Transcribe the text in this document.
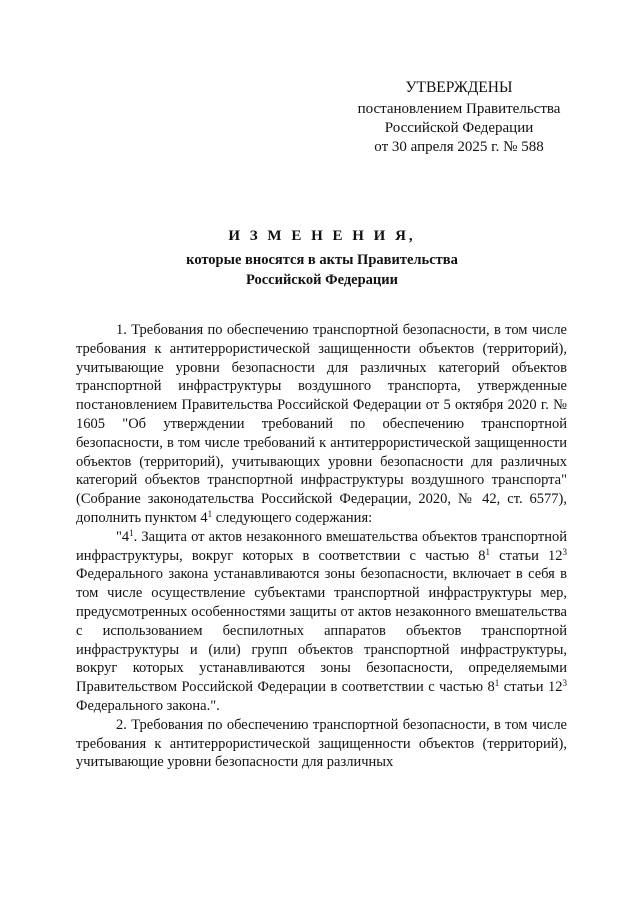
УТВЕРЖДЕНЫ
постановлением Правительства
Российской Федерации
от 30 апреля 2025 г. № 588
И З М Е Н Е Н И Я,
которые вносятся в акты Правительства
Российской Федерации

1. Требования по обеспечению транспортной безопасности, в том числе требования к антитеррористической защищенности объектов (территорий), учитывающие уровни безопасности для различных категорий объектов транспортной инфраструктуры воздушного транспорта, утвержденные постановлением Правительства Российской Федерации от 5 октября 2020 г. № 1605 "Об утверждении требований по обеспечению транспортной безопасности, в том числе требований к антитеррористической защищенности объектов (территорий), учитывающих уровни безопасности для различных категорий объектов транспортной инфраструктуры воздушного транспорта" (Собрание законодательства Российской Федерации, 2020, № 42, ст. 6577), дополнить пунктом $4^1$ следующего содержания:

"$4^1$. Защита от актов незаконного вмешательства объектов транспортной инфраструктуры, вокруг которых в соответствии с частью $8^1$ статьи $12^3$ Федерального закона устанавливаются зоны безопасности, включает в себя в том числе осуществление субъектами транспортной инфраструктуры мер, предусмотренных особенностями защиты от актов незаконного вмешательства с использованием беспилотных аппаратов объектов транспортной инфраструктуры и (или) групп объектов транспортной инфраструктуры, вокруг которых устанавливаются зоны безопасности, определяемыми Правительством Российской Федерации в соответствии с частью $8^1$ статьи $12^3$ Федерального закона.".

2. Требования по обеспечению транспортной безопасности, в том числе требования к антитеррористической защищенности объектов (территорий), учитывающие уровни безопасности для различных
